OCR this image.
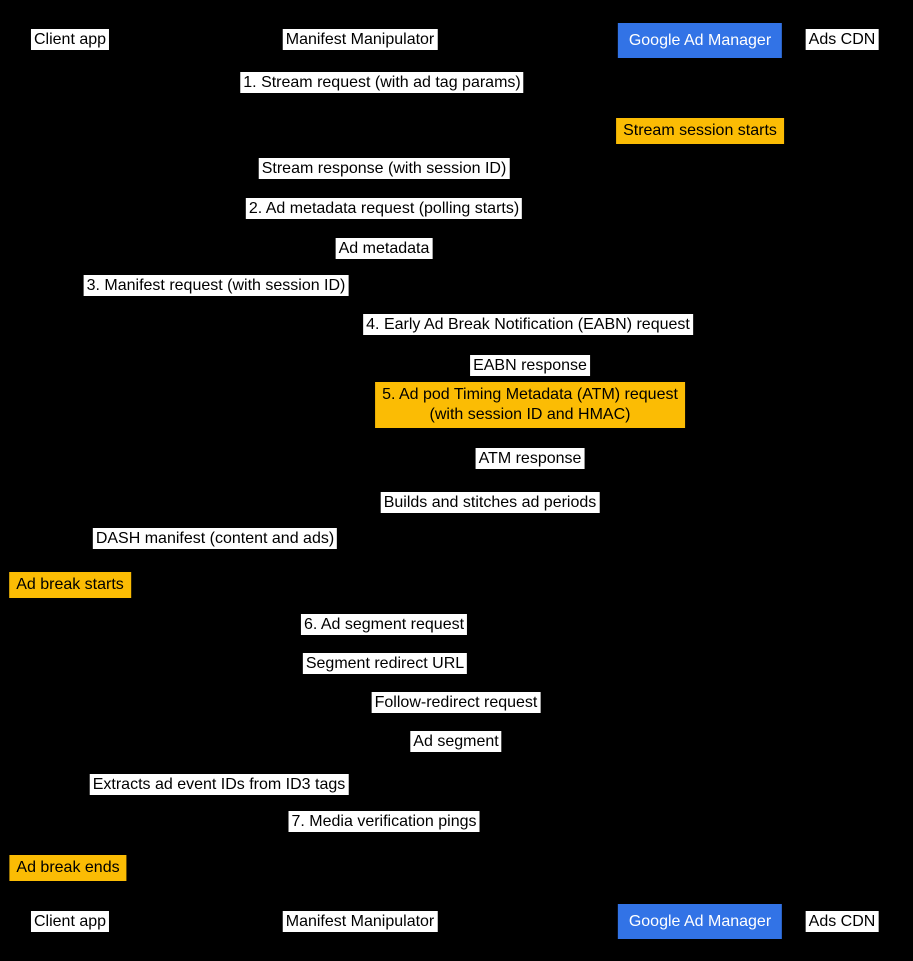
Client app	Manifest Manipulator	Google Ad Manager	Ads CDN
1. Stream request (with ad tag params)
Stream session starts
Stream response (with session ID)
2. Ad metadata request (polling starts)
Ad metadata
3. Manifest request (with session ID)
4. Early Ad Break Notification (EABN) request
EABN response
5. Ad pod Timing Metadata (ATM) request
(with session ID and HMAC)
ATM response
Builds and stitches ad periods
DASH manifest (content and ads)
Ad break starts
6. Ad segment request
Segment redirect URL
Follow-redirect request
Ad segment
Extracts ad event IDs from ID3 tags
7. Media verification pings
Ad break ends
Client app	Manifest Manipulator	Google Ad Manager	Ads CDN
